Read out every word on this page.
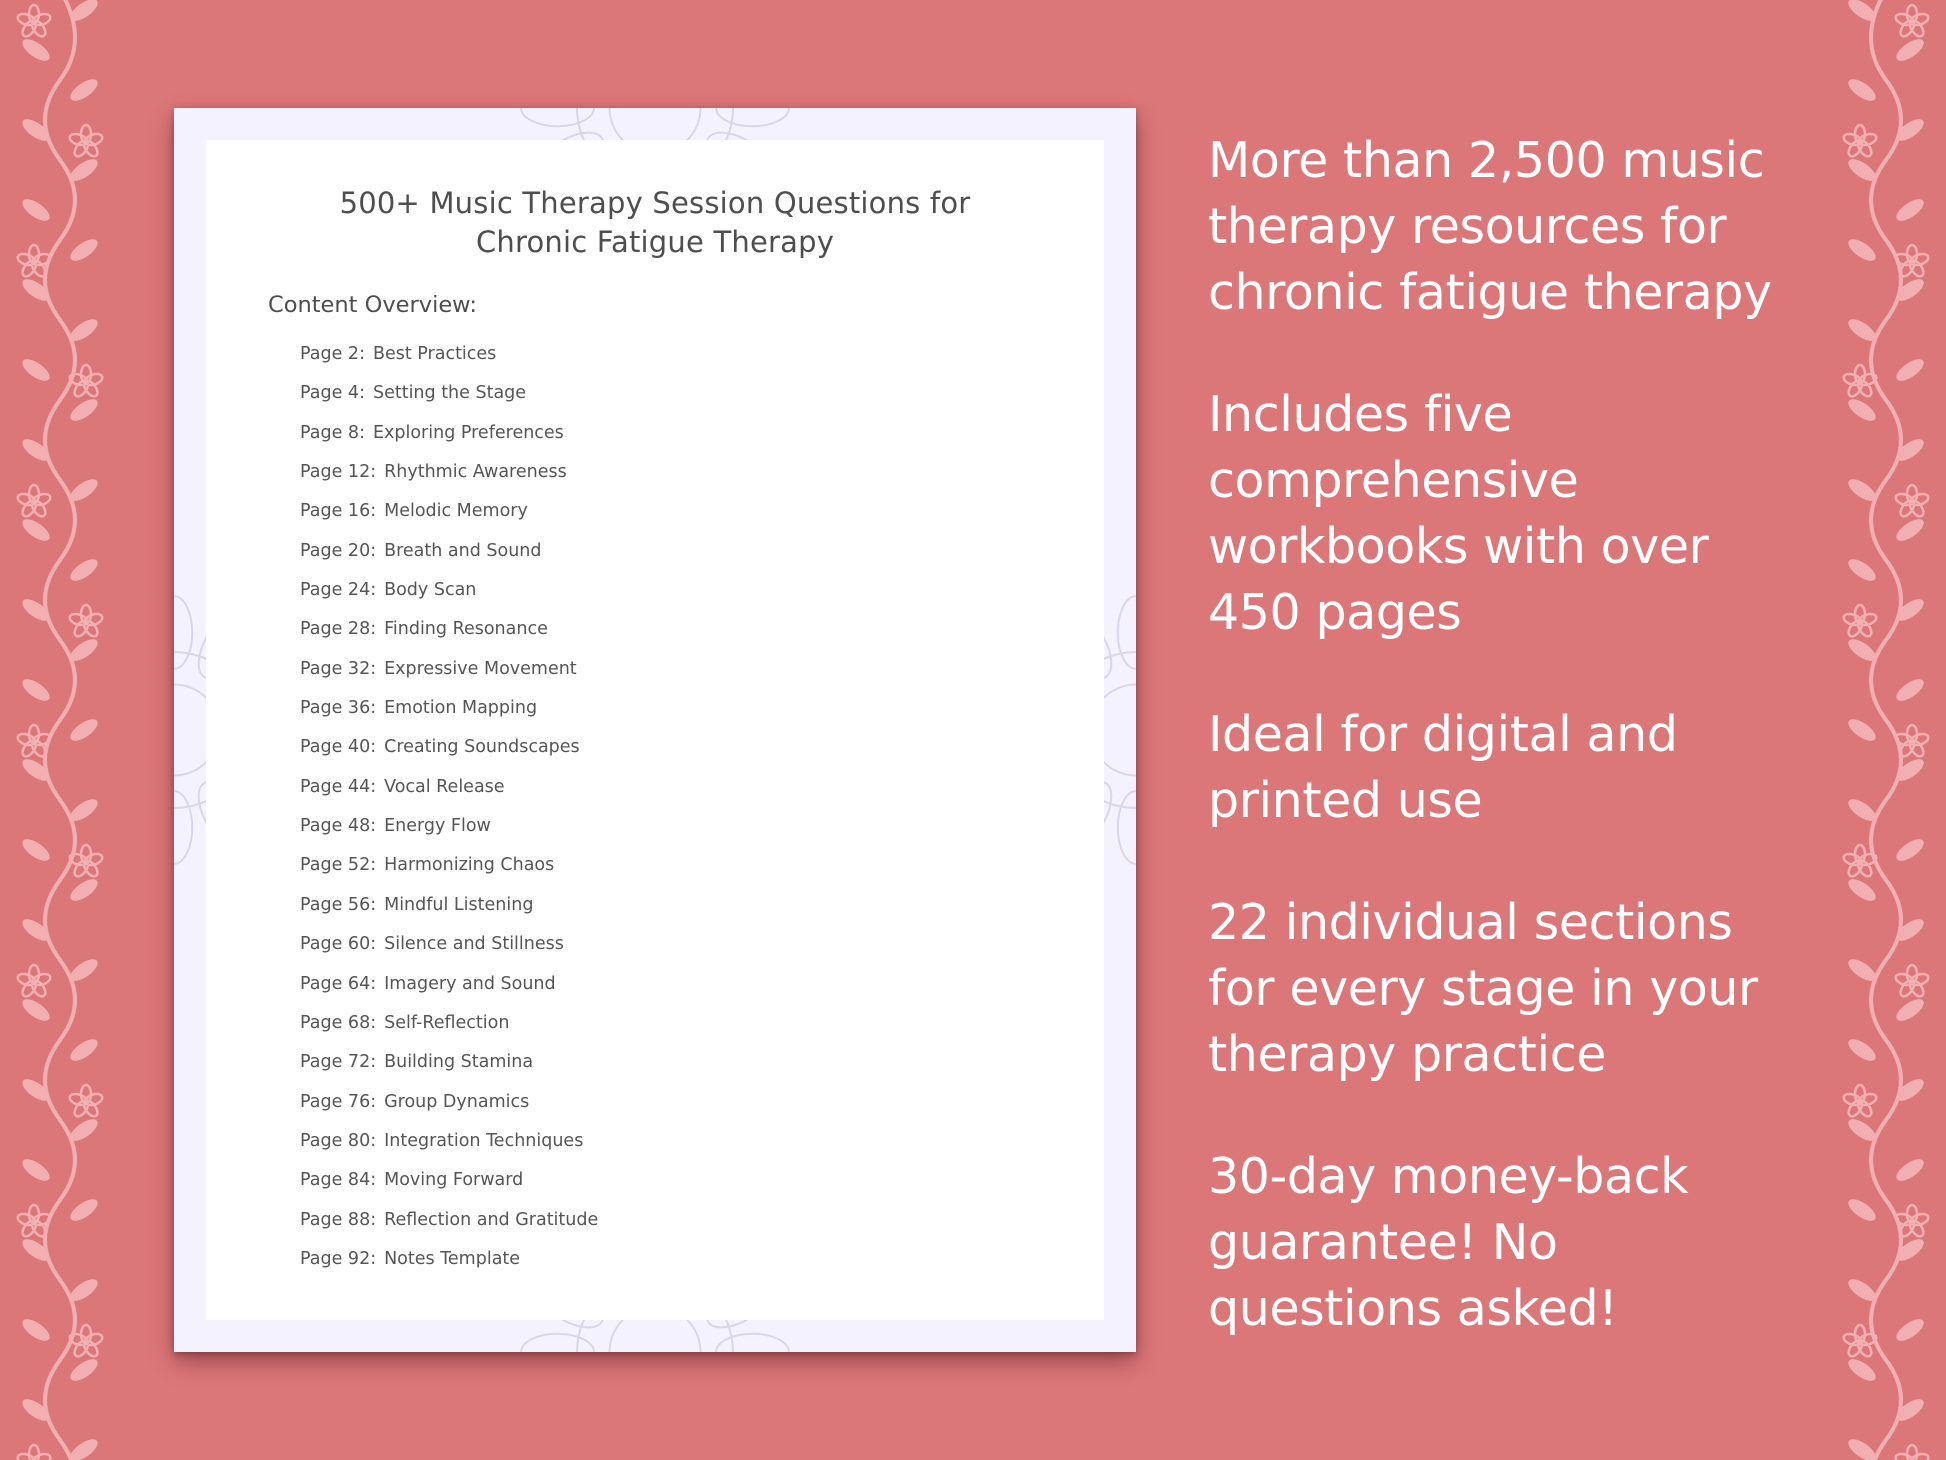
500+ Music Therapy Session Questions for
Chronic Fatigue Therapy
Content Overview:
Page 2: Best Practices
Page 4: Setting the Stage
Page 8: Exploring Preferences
Page 12: Rhythmic Awareness
Page 16: Melodic Memory
Page 20: Breath and Sound
Page 24: Body Scan
Page 28: Finding Resonance
Page 32: Expressive Movement
Page 36: Emotion Mapping
Page 40: Creating Soundscapes
Page 44: Vocal Release
Page 48: Energy Flow
Page 52: Harmonizing Chaos
Page 56: Mindful Listening
Page 60: Silence and Stillness
Page 64: Imagery and Sound
Page 68: Self-Reflection
Page 72: Building Stamina
Page 76: Group Dynamics
Page 80: Integration Techniques
Page 84: Moving Forward
Page 88: Reflection and Gratitude
Page 92: Notes Template
More than 2,500 music
therapy resources for
chronic fatigue therapy
Includes five
comprehensive
workbooks with over
450 pages
Ideal for digital and
printed use
22 individual sections
for every stage in your
therapy practice
30-day money-back
guarantee! No
questions asked!
